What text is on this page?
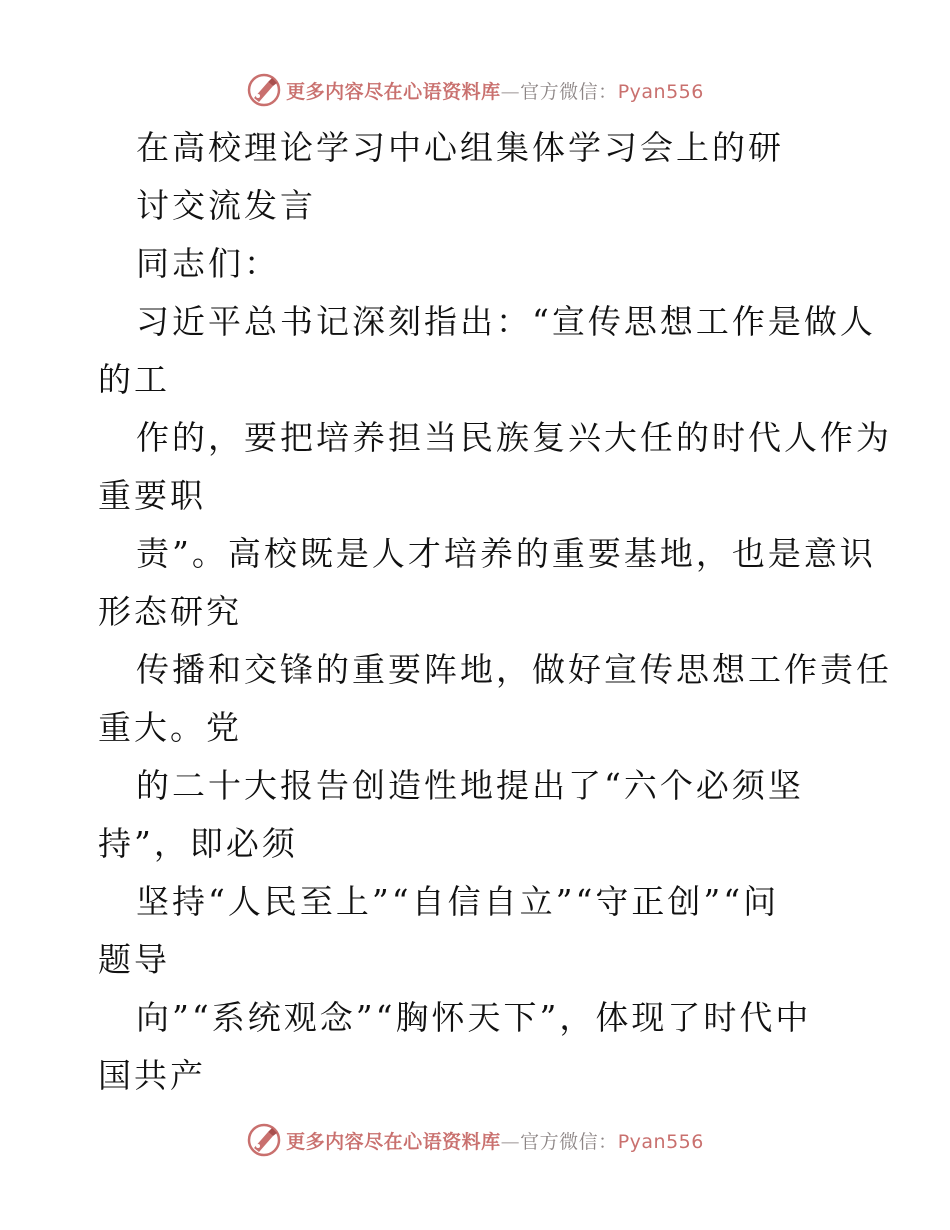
更多内容尽在心语资料库—官方微信：Pyan556
在高校理论学习中心组集体学习会上的研
讨交流发言
同志们：
习近平总书记深刻指出：“宣传思想工作是做人
的工
作的，要把培养担当民族复兴大任的时代人作为
重要职
责”。高校既是人才培养的重要基地，也是意识
形态研究
传播和交锋的重要阵地，做好宣传思想工作责任
重大。党
的二十大报告创造性地提出了“六个必须坚
持”，即必须
坚持“人民至上”“自信自立”“守正创”“问
题导
向”“系统观念”“胸怀天下”，体现了时代中
国共产
更多内容尽在心语资料库—官方微信：Pyan556
